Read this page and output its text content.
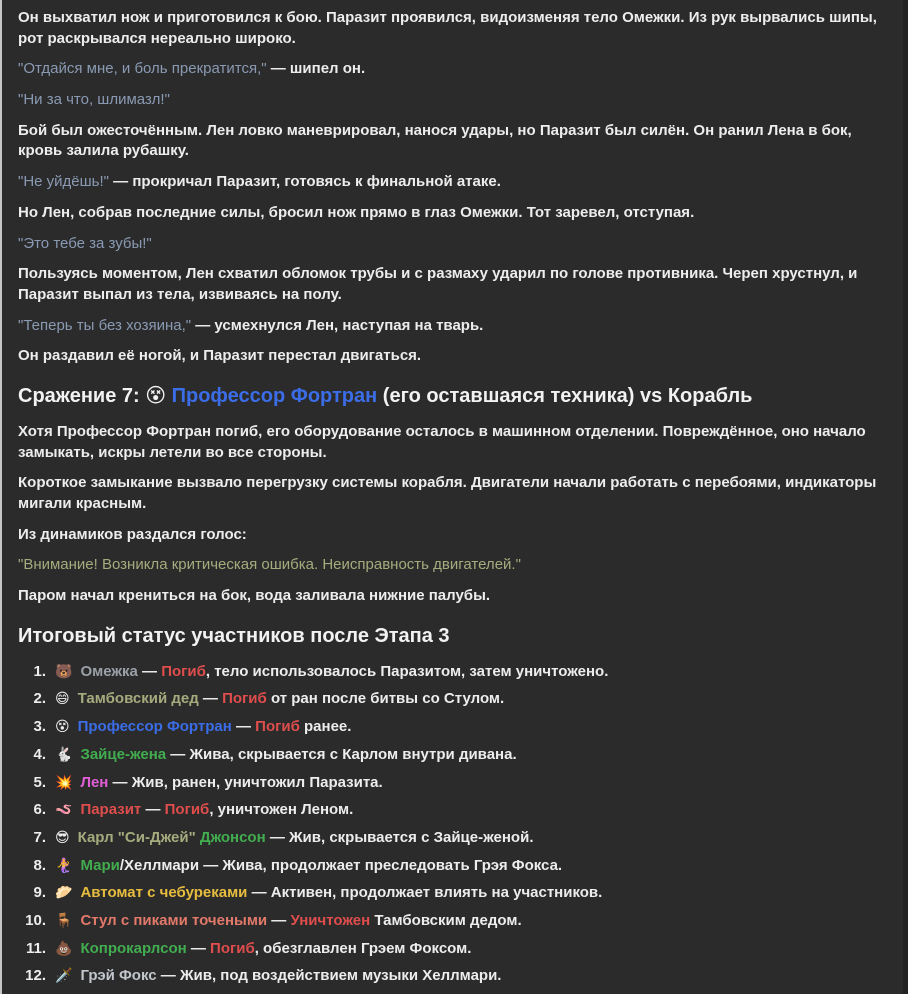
Он выхватил нож и приготовился к бою. Паразит проявился, видоизменяя тело Омежки. Из рук вырвались шипы, рот раскрывался нереально широко.

"Отдайся мне, и боль прекратится," — шипел он.

"Ни за что, шлимазл!"

Бой был ожесточённым. Лен ловко маневрировал, нанося удары, но Паразит был силён. Он ранил Лена в бок, кровь залила рубашку.

"Не уйдёшь!" — прокричал Паразит, готовясь к финальной атаке.

Но Лен, собрав последние силы, бросил нож прямо в глаз Омежки. Тот заревел, отступая.

"Это тебе за зубы!"

Пользуясь моментом, Лен схватил обломок трубы и с размаху ударил по голове противника. Череп хрустнул, и Паразит выпал из тела, извиваясь на полу.

"Теперь ты без хозяина," — усмехнулся Лен, наступая на тварь.

Он раздавил её ногой, и Паразит перестал двигаться.

Сражение 7: 😵 Профессор Фортран (его оставшаяся техника) vs Корабль

Хотя Профессор Фортран погиб, его оборудование осталось в машинном отделении. Повреждённое, оно начало замыкать, искры летели во все стороны.

Короткое замыкание вызвало перегрузку системы корабля. Двигатели начали работать с перебоями, индикаторы мигали красным.

Из динамиков раздался голос:

"Внимание! Возникла критическая ошибка. Неисправность двигателей."

Паром начал крениться на бок, вода заливала нижние палубы.

Итоговый статус участников после Этапа 3
1. 🐻 Омежка — Погиб, тело использовалось Паразитом, затем уничтожено.
2. 😄 Тамбовский дед — Погиб от ран после битвы со Стулом.
3. 😵 Профессор Фортран — Погиб ранее.
4. 🐇 Зайце-жена — Жива, скрывается с Карлом внутри дивана.
5. 💥 Лен — Жив, ранен, уничтожил Паразита.
6. 🪱 Паразит — Погиб, уничтожен Леном.
7. 😎 Карл "Си-Джей" Джонсон — Жив, скрывается с Зайце-женой.
8. 🧜‍♀️ Мари/Хеллмари — Жива, продолжает преследовать Грэя Фокса.
9. 🥟 Автомат с чебуреками — Активен, продолжает влиять на участников.
10. 🪑 Стул с пиками точеными — Уничтожен Тамбовским дедом.
11. 💩 Копрокарлсон — Погиб, обезглавлен Грэем Фоксом.
12. 🗡️ Грэй Фокс — Жив, под воздействием музыки Хеллмари.
